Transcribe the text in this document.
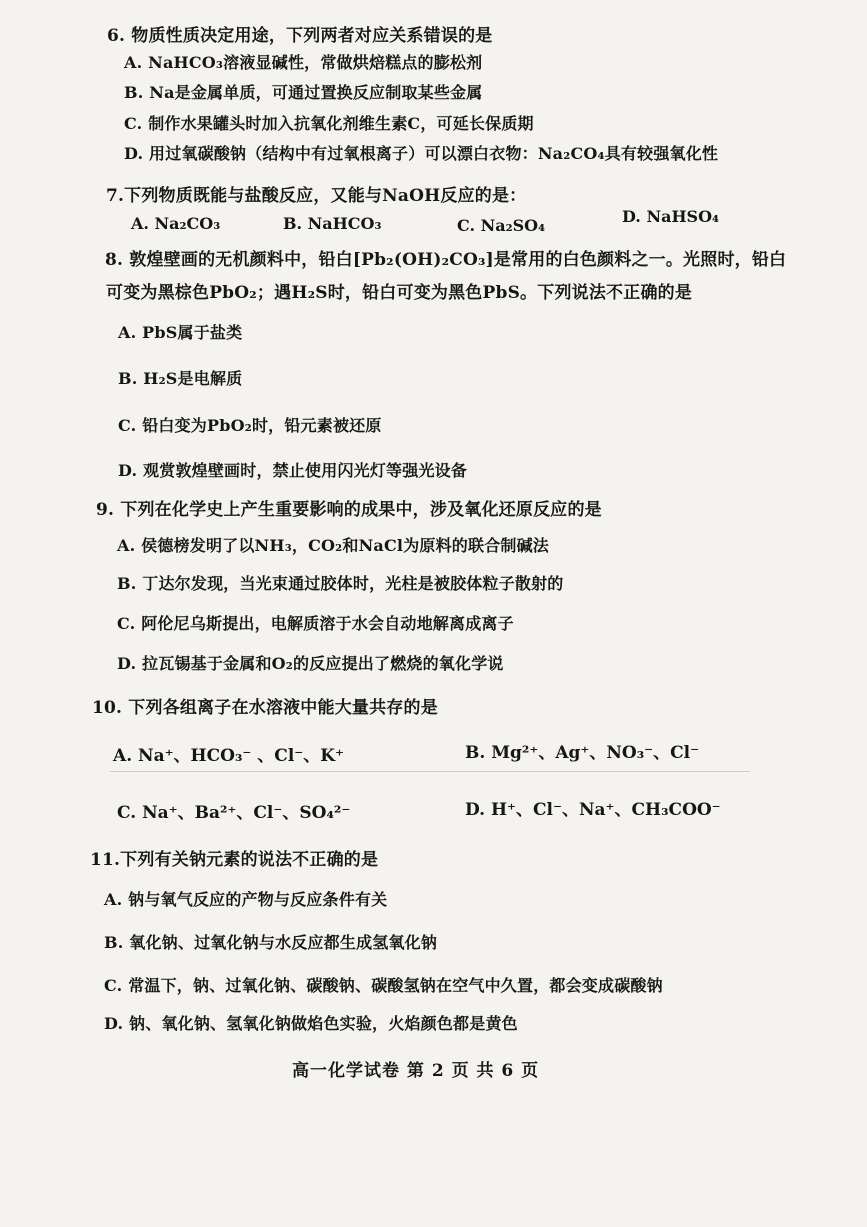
6. 物质性质决定用途，下列两者对应关系错误的是
A. NaHCO₃溶液显碱性，常做烘焙糕点的膨松剂
B. Na是金属单质，可通过置换反应制取某些金属
C. 制作水果罐头时加入抗氧化剂维生素C，可延长保质期
D. 用过氧碳酸钠（结构中有过氧根离子）可以漂白衣物：Na₂CO₄具有较强氧化性
7.下列物质既能与盐酸反应，又能与NaOH反应的是：
A. Na₂CO₃	B. NaHCO₃	C. Na₂SO₄	D. NaHSO₄
8. 敦煌壁画的无机颜料中，铅白[Pb₂(OH)₂CO₃]是常用的白色颜料之一。光照时，铅白
可变为黑棕色PbO₂；遇H₂S时，铅白可变为黑色PbS。下列说法不正确的是
A. PbS属于盐类
B. H₂S是电解质
C. 铅白变为PbO₂时，铅元素被还原
D. 观赏敦煌壁画时，禁止使用闪光灯等强光设备
9. 下列在化学史上产生重要影响的成果中，涉及氧化还原反应的是
A. 侯德榜发明了以NH₃，CO₂和NaCl为原料的联合制碱法
B. 丁达尔发现，当光束通过胶体时，光柱是被胶体粒子散射的
C. 阿伦尼乌斯提出，电解质溶于水会自动地解离成离子
D. 拉瓦锡基于金属和O₂的反应提出了燃烧的氧化学说
10. 下列各组离子在水溶液中能大量共存的是
A. Na⁺、HCO₃⁻ 、Cl⁻、K⁺	B. Mg²⁺、Ag⁺、NO₃⁻、Cl⁻
C. Na⁺、Ba²⁺、Cl⁻、SO₄²⁻	D. H⁺、Cl⁻、Na⁺、CH₃COO⁻
11.下列有关钠元素的说法不正确的是
A. 钠与氧气反应的产物与反应条件有关
B. 氧化钠、过氧化钠与水反应都生成氢氧化钠
C. 常温下，钠、过氧化钠、碳酸钠、碳酸氢钠在空气中久置，都会变成碳酸钠
D. 钠、氧化钠、氢氧化钠做焰色实验，火焰颜色都是黄色
高一化学试卷 第 2 页 共 6 页
